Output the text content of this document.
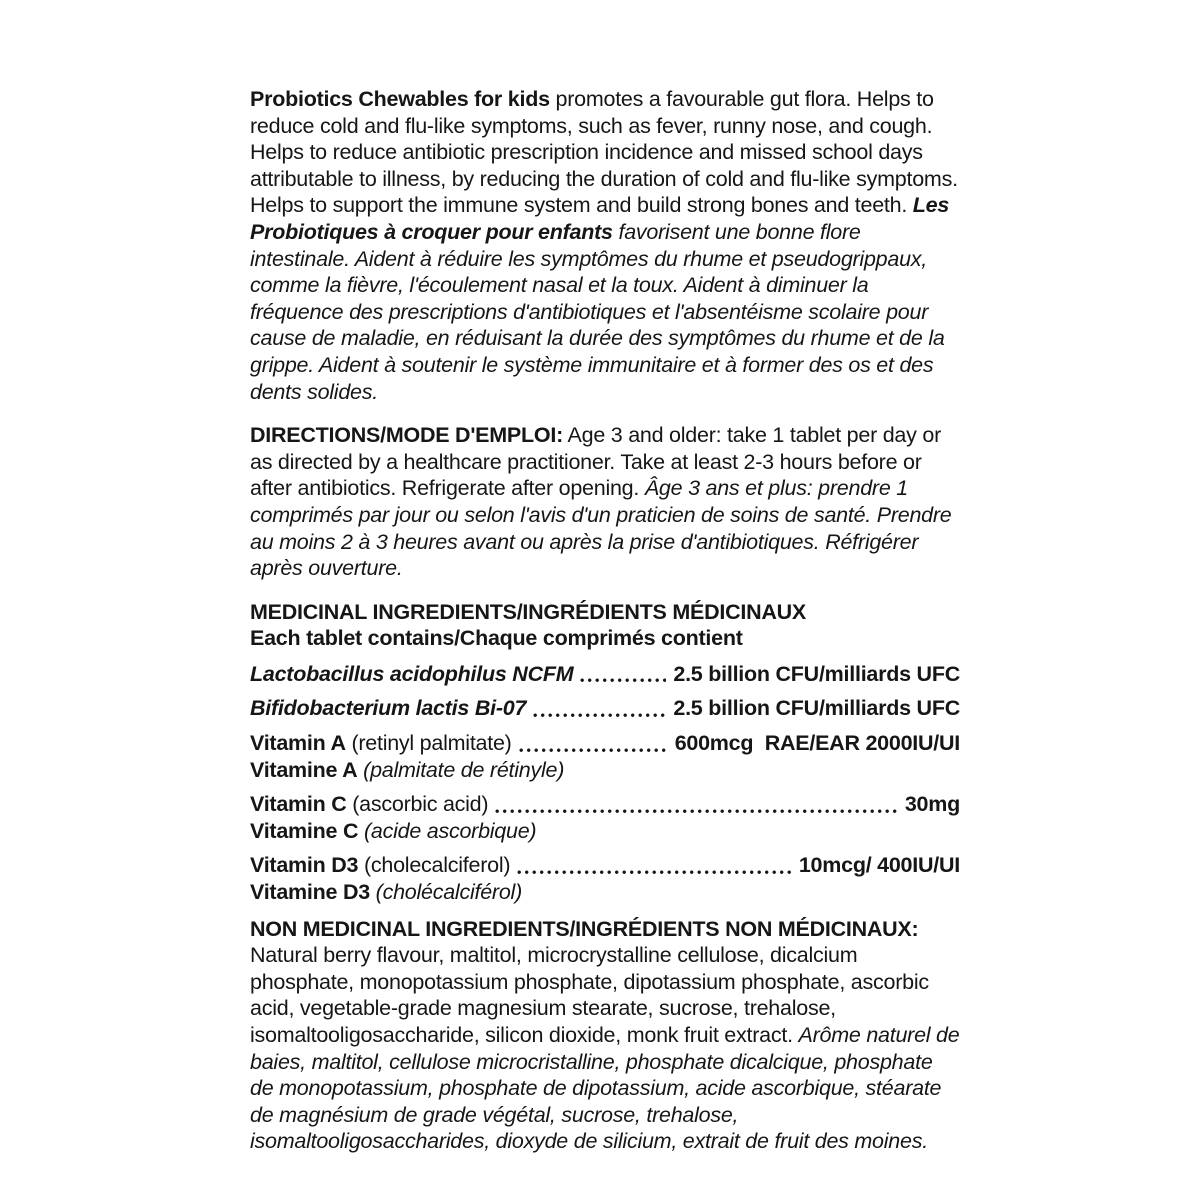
Probiotics Chewables for kids promotes a favourable gut flora. Helps to reduce cold and flu-like symptoms, such as fever, runny nose, and cough. Helps to reduce antibiotic prescription incidence and missed school days attributable to illness, by reducing the duration of cold and flu-like symptoms. Helps to support the immune system and build strong bones and teeth. Les Probiotiques à croquer pour enfants favorisent une bonne flore intestinale. Aident à réduire les symptômes du rhume et pseudogrippaux, comme la fièvre, l'écoulement nasal et la toux. Aident à diminuer la fréquence des prescriptions d'antibiotiques et l'absentéisme scolaire pour cause de maladie, en réduisant la durée des symptômes du rhume et de la grippe. Aident à soutenir le système immunitaire et à former des os et des dents solides.

DIRECTIONS/MODE D'EMPLOI: Age 3 and older: take 1 tablet per day or as directed by a healthcare practitioner. Take at least 2-3 hours before or after antibiotics. Refrigerate after opening. Âge 3 ans et plus: prendre 1 comprimés par jour ou selon l'avis d'un praticien de soins de santé. Prendre au moins 2 à 3 heures avant ou après la prise d'antibiotiques. Réfrigérer après ouverture.

MEDICINAL INGREDIENTS/INGRÉDIENTS MÉDICINAUX
Each tablet contains/Chaque comprimés contient
Lactobacillus acidophilus NCFM	2.5 billion CFU/milliards UFC
Bifidobacterium lactis Bi-07	2.5 billion CFU/milliards UFC
Vitamin A (retinyl palmitate)	600mcg  RAE/EAR 2000IU/UI
Vitamine A (palmitate de rétinyle)
Vitamin C (ascorbic acid)	30mg
Vitamine C (acide ascorbique)
Vitamin D3 (cholecalciferol)	10mcg/ 400IU/UI
Vitamine D3 (cholécalciférol)
NON MEDICINAL INGREDIENTS/INGRÉDIENTS NON MÉDICINAUX:
Natural berry flavour, maltitol, microcrystalline cellulose, dicalcium phosphate, monopotassium phosphate, dipotassium phosphate, ascorbic acid, vegetable-grade magnesium stearate, sucrose, trehalose, isomaltooligosaccharide, silicon dioxide, monk fruit extract. Arôme naturel de baies, maltitol, cellulose microcristalline, phosphate dicalcique, phosphate de monopotassium, phosphate de dipotassium, acide ascorbique, stéarate de magnésium de grade végétal, sucrose, trehalose, isomaltooligosaccharides, dioxyde de silicium, extrait de fruit des moines.
